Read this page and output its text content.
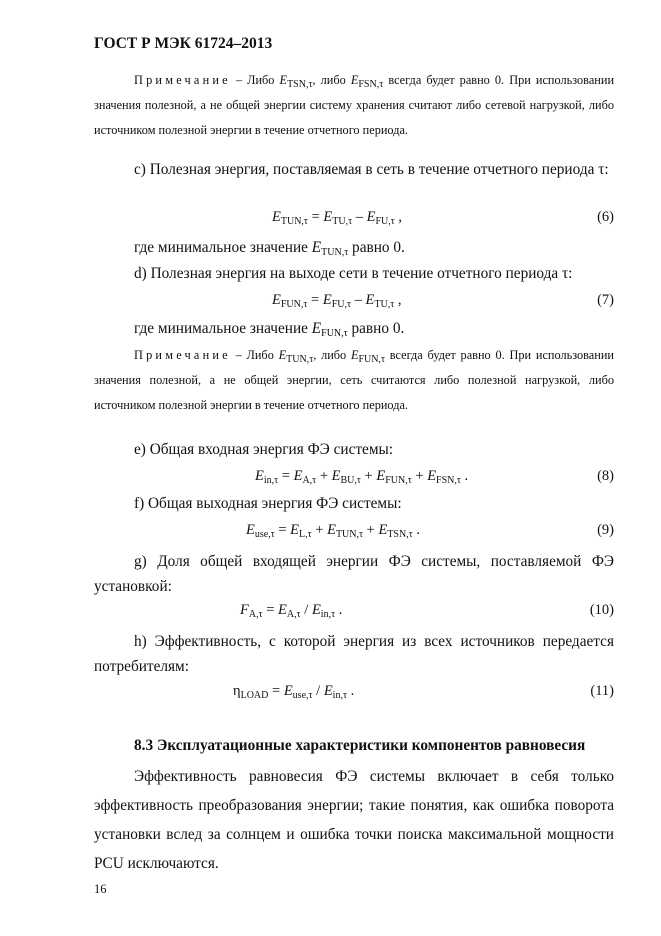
ГОСТ Р МЭК 61724–2013
Примечание – Либо $E_{TSN,\tau}$, либо $E_{FSN,\tau}$ всегда будет равно 0. При использовании значения полезной, а не общей энергии систему хранения считают либо сетевой нагрузкой, либо источником полезной энергии в течение отчетного периода.
c) Полезная энергия, поставляемая в сеть в течение отчетного периода τ:
$E_{TUN,\tau} = E_{TU,\tau} - E_{FU,\tau}$ ,	(6)
где минимальное значение $E_{TUN,\tau}$ равно 0.
d) Полезная энергия на выходе сети в течение отчетного периода τ:
$E_{FUN,\tau} = E_{FU,\tau} - E_{TU,\tau}$ ,	(7)
где минимальное значение $E_{FUN,\tau}$ равно 0.
Примечание – Либо $E_{TUN,\tau}$, либо $E_{FUN,\tau}$ всегда будет равно 0. При использовании значения полезной, а не общей энергии, сеть считаются либо полезной нагрузкой, либо источником полезной энергии в течение отчетного периода.
e) Общая входная энергия ФЭ системы:
$E_{in,\tau} = E_{A,\tau} + E_{BU,\tau} + E_{FUN,\tau} + E_{FSN,\tau}$ .	(8)
f) Общая выходная энергия ФЭ системы:
$E_{use,\tau} = E_{L,\tau} + E_{TUN,\tau} + E_{TSN,\tau}$ .	(9)
g) Доля общей входящей энергии ФЭ системы, поставляемой ФЭ установкой:
$F_{A,\tau} = E_{A,\tau} / E_{in,\tau}$ .	(10)
h) Эффективность, с которой энергия из всех источников передается потребителям:
$\eta_{LOAD} = E_{use,\tau} / E_{in,\tau}$ .	(11)
8.3 Эксплуатационные характеристики компонентов равновесия
Эффективность равновесия ФЭ системы включает в себя только эффективность преобразования энергии; такие понятия, как ошибка поворота установки вслед за солнцем и ошибка точки поиска максимальной мощности PCU исключаются.
16
